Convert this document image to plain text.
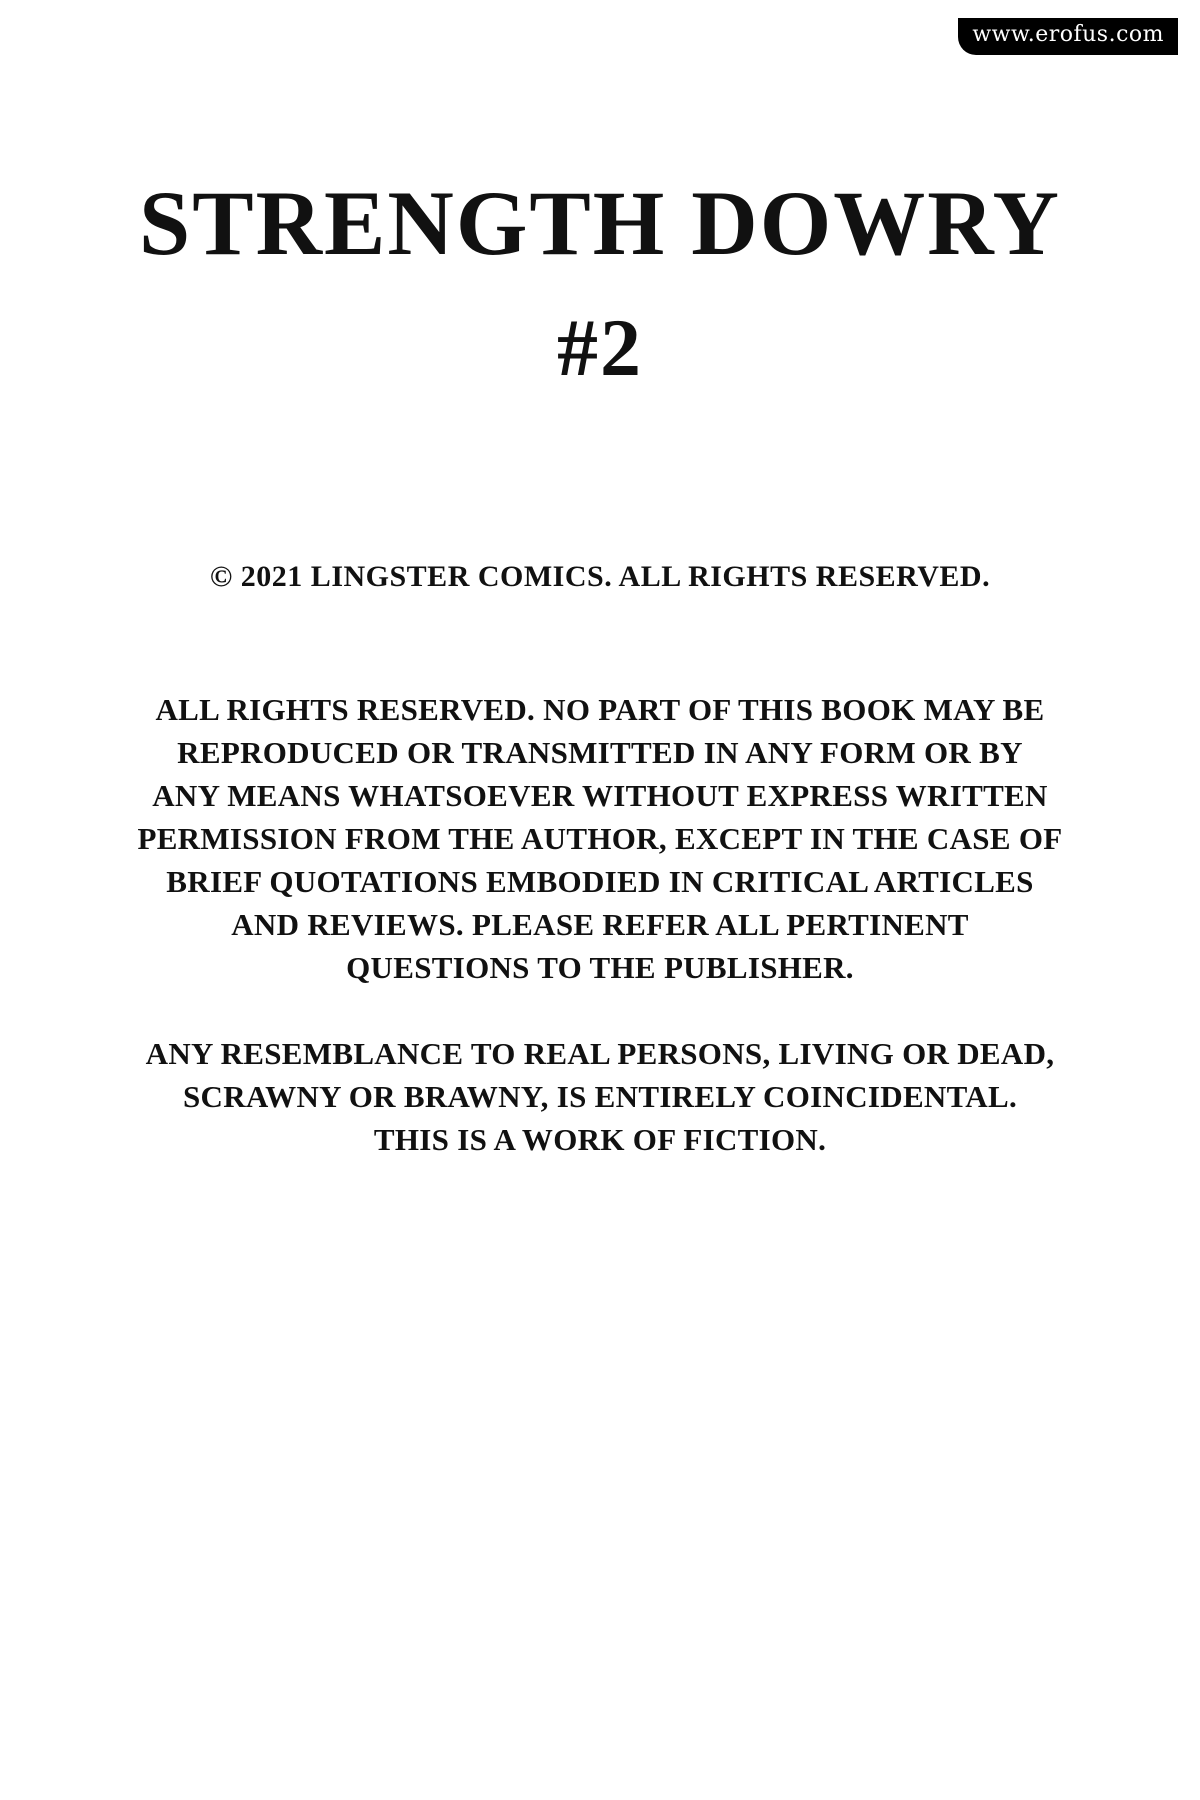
www.erofus.com
STRENGTH DOWRY
#2
© 2021 LINGSTER COMICS. ALL RIGHTS RESERVED.
ALL RIGHTS RESERVED. NO PART OF THIS BOOK MAY BE
REPRODUCED OR TRANSMITTED IN ANY FORM OR BY
ANY MEANS WHATSOEVER WITHOUT EXPRESS WRITTEN
PERMISSION FROM THE AUTHOR, EXCEPT IN THE CASE OF
BRIEF QUOTATIONS EMBODIED IN CRITICAL ARTICLES
AND REVIEWS. PLEASE REFER ALL PERTINENT
QUESTIONS TO THE PUBLISHER.
ANY RESEMBLANCE TO REAL PERSONS, LIVING OR DEAD,
SCRAWNY OR BRAWNY, IS ENTIRELY COINCIDENTAL.
THIS IS A WORK OF FICTION.
